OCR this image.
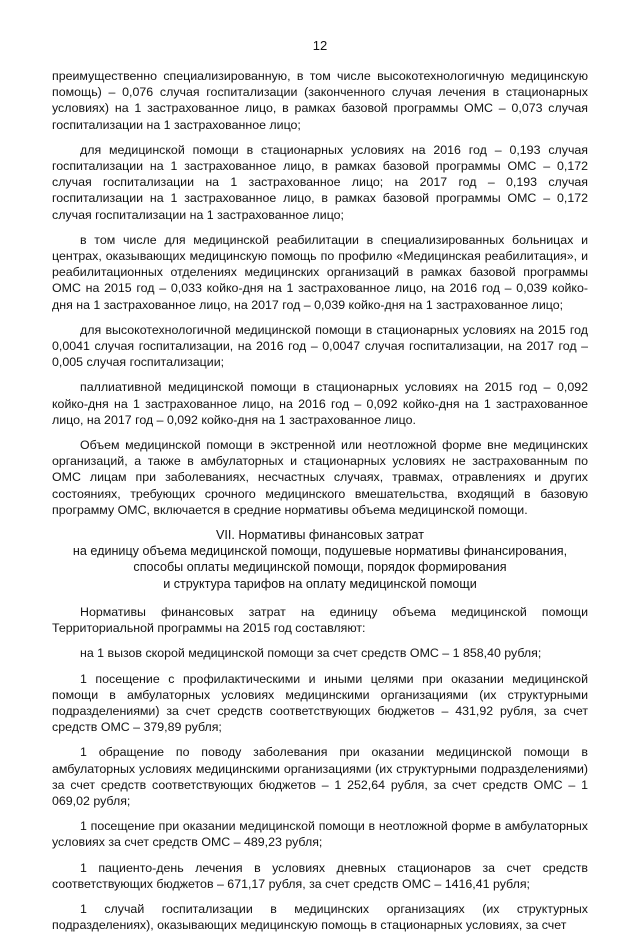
12

преимущественно специализированную, в том числе высокотехнологичную медицинскую помощь) – 0,076 случая госпитализации (законченного случая лечения в стационарных условиях) на 1 застрахованное лицо, в рамках базовой программы ОМС – 0,073 случая госпитализации на 1 застрахованное лицо;

для медицинской помощи в стационарных условиях на 2016 год – 0,193 случая госпитализации на 1 застрахованное лицо, в рамках базовой программы ОМС – 0,172 случая госпитализации на 1 застрахованное лицо; на 2017 год – 0,193 случая госпитализации на 1 застрахованное лицо, в рамках базовой программы ОМС – 0,172 случая госпитализации на 1 застрахованное лицо;

в том числе для медицинской реабилитации в специализированных больницах и центрах, оказывающих медицинскую помощь по профилю «Медицинская реабилитация», и реабилитационных отделениях медицинских организаций в рамках базовой программы ОМС на 2015 год – 0,033 койко-дня на 1 застрахованное лицо, на 2016 год – 0,039 койко-дня на 1 застрахованное лицо, на 2017 год – 0,039 койко-дня на 1 застрахованное лицо;

для высокотехнологичной медицинской помощи в стационарных условиях на 2015 год 0,0041 случая госпитализации, на 2016 год – 0,0047 случая госпитализации, на 2017 год – 0,005 случая госпитализации;

паллиативной медицинской помощи в стационарных условиях на 2015 год – 0,092 койко-дня на 1 застрахованное лицо, на 2016 год – 0,092 койко-дня на 1 застрахованное лицо, на 2017 год – 0,092 койко-дня на 1 застрахованное лицо.

Объем медицинской помощи в экстренной или неотложной форме вне медицинских организаций, а также в амбулаторных и стационарных условиях не застрахованным по ОМС лицам при заболеваниях, несчастных случаях, травмах, отравлениях и других состояниях, требующих срочного медицинского вмешательства, входящий в базовую программу ОМС, включается в средние нормативы объема медицинской помощи.

VII. Нормативы финансовых затрат
на единицу объема медицинской помощи, подушевые нормативы финансирования,
способы оплаты медицинской помощи, порядок формирования
и структура тарифов на оплату медицинской помощи

Нормативы финансовых затрат на единицу объема медицинской помощи Территориальной программы на 2015 год составляют:

на 1 вызов скорой медицинской помощи за счет средств ОМС – 1 858,40 рубля;

1 посещение с профилактическими и иными целями при оказании медицинской помощи в амбулаторных условиях медицинскими организациями (их структурными подразделениями) за счет средств соответствующих бюджетов – 431,92 рубля, за счет средств ОМС – 379,89 рубля;

1 обращение по поводу заболевания при оказании медицинской помощи в амбулаторных условиях медицинскими организациями (их структурными подразделениями) за счет средств соответствующих бюджетов – 1 252,64 рубля, за счет средств ОМС – 1 069,02 рубля;

1 посещение при оказании медицинской помощи в неотложной форме в амбулаторных условиях за счет средств ОМС – 489,23 рубля;

1 пациенто-день лечения в условиях дневных стационаров за счет средств соответствующих бюджетов – 671,17 рубля, за счет средств ОМС – 1416,41 рубля;

1 случай госпитализации в медицинских организациях (их структурных подразделениях), оказывающих медицинскую помощь в стационарных условиях, за счет
